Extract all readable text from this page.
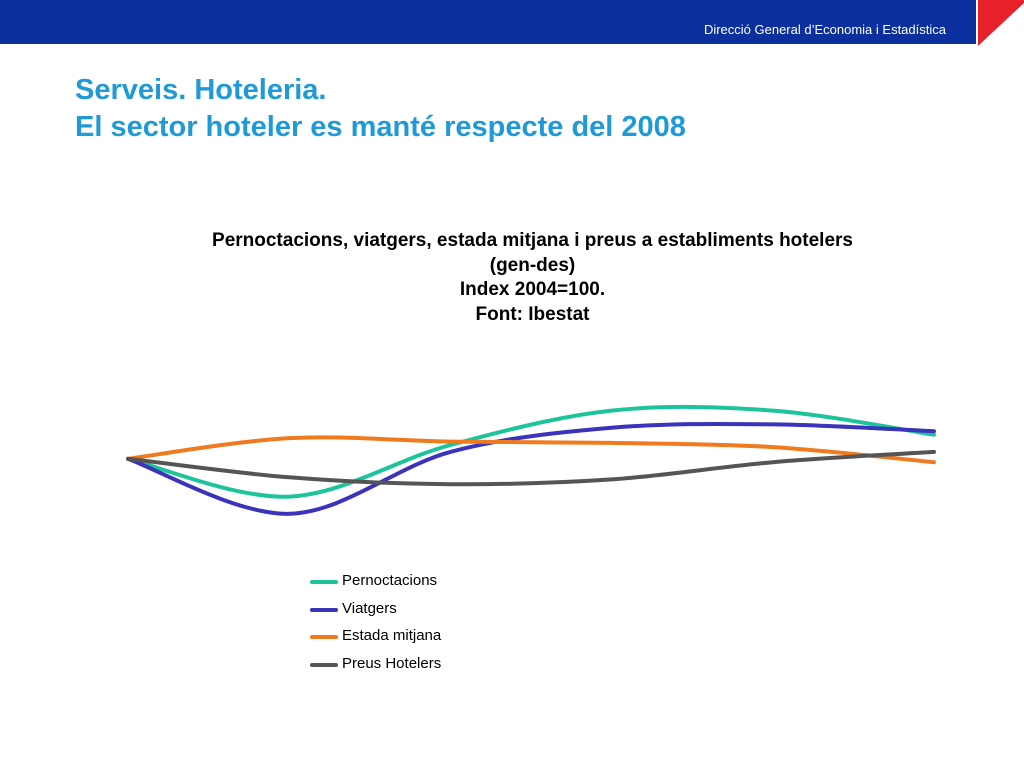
Direcció General d’Economia i Estadística
Serveis. Hoteleria.
El sector hoteler es manté respecte del 2008
Pernoctacions, viatgers, estada mitjana i preus a establiments hotelers
(gen-des)
Index 2004=100.
Font: Ibestat
Pernoctacions
Viatgers
Estada mitjana
Preus Hotelers
